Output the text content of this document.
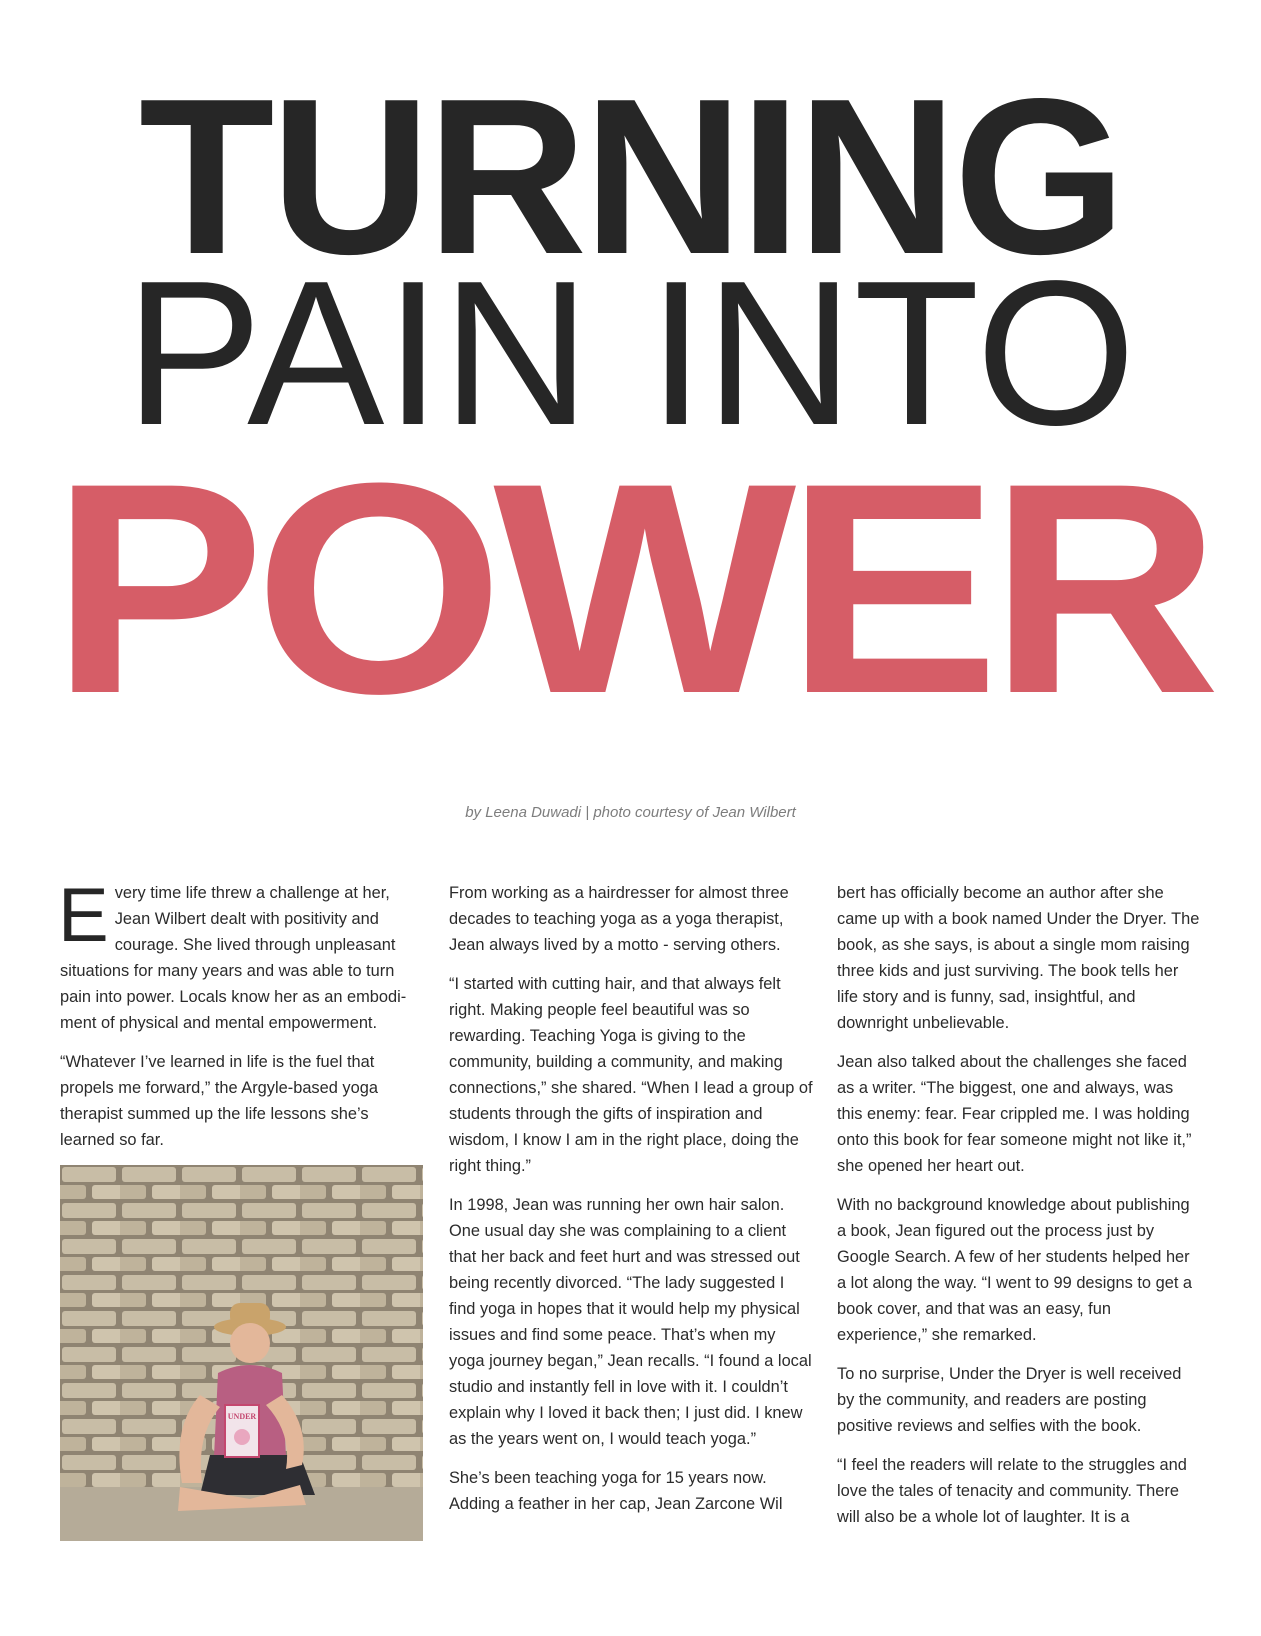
TURNING
PAIN INTO
POWER
by Leena Duwadi | photo courtesy of Jean Wilbert

Every time life threw a challenge at her, Jean Wilbert dealt with positivity and courage. She lived through unpleasant situations for many years and was able to turn pain into power. Locals know her as an embodiment of physical and mental empowerment.

“Whatever I’ve learned in life is the fuel that propels me forward,” the Argyle-based yoga therapist summed up the life lessons she’s learned so far.

UNDER

From working as a hairdresser for almost three decades to teaching yoga as a yoga therapist, Jean always lived by a motto - serving others.

“I started with cutting hair, and that always felt right. Making people feel beautiful was so rewarding. Teaching Yoga is giving to the community, building a community, and making connections,” she shared. “When I lead a group of students through the gifts of inspiration and wisdom, I know I am in the right place, doing the right thing.”

In 1998, Jean was running her own hair salon. One usual day she was complaining to a client that her back and feet hurt and was stressed out being recently divorced. “The lady suggested I find yoga in hopes that it would help my physical issues and find some peace. That’s when my yoga journey began,” Jean recalls. “I found a local studio and instantly fell in love with it. I couldn’t explain why I loved it back then; I just did. I knew as the years went on, I would teach yoga.”

She’s been teaching yoga for 15 years now. Adding a feather in her cap, Jean Zarcone Wil

bert has officially become an author after she came up with a book named Under the Dryer. The book, as she says, is about a single mom raising three kids and just surviving. The book tells her life story and is funny, sad, insightful, and downright unbelievable.

Jean also talked about the challenges she faced as a writer. “The biggest, one and always, was this enemy: fear. Fear crippled me. I was holding onto this book for fear someone might not like it,” she opened her heart out.

With no background knowledge about publishing a book, Jean figured out the process just by Google Search. A few of her students helped her a lot along the way. “I went to 99 designs to get a book cover, and that was an easy, fun experience,” she remarked.

To no surprise, Under the Dryer is well received by the community, and readers are posting positive reviews and selfies with the book.

“I feel the readers will relate to the struggles and love the tales of tenacity and community. There will also be a whole lot of laughter. It is a
